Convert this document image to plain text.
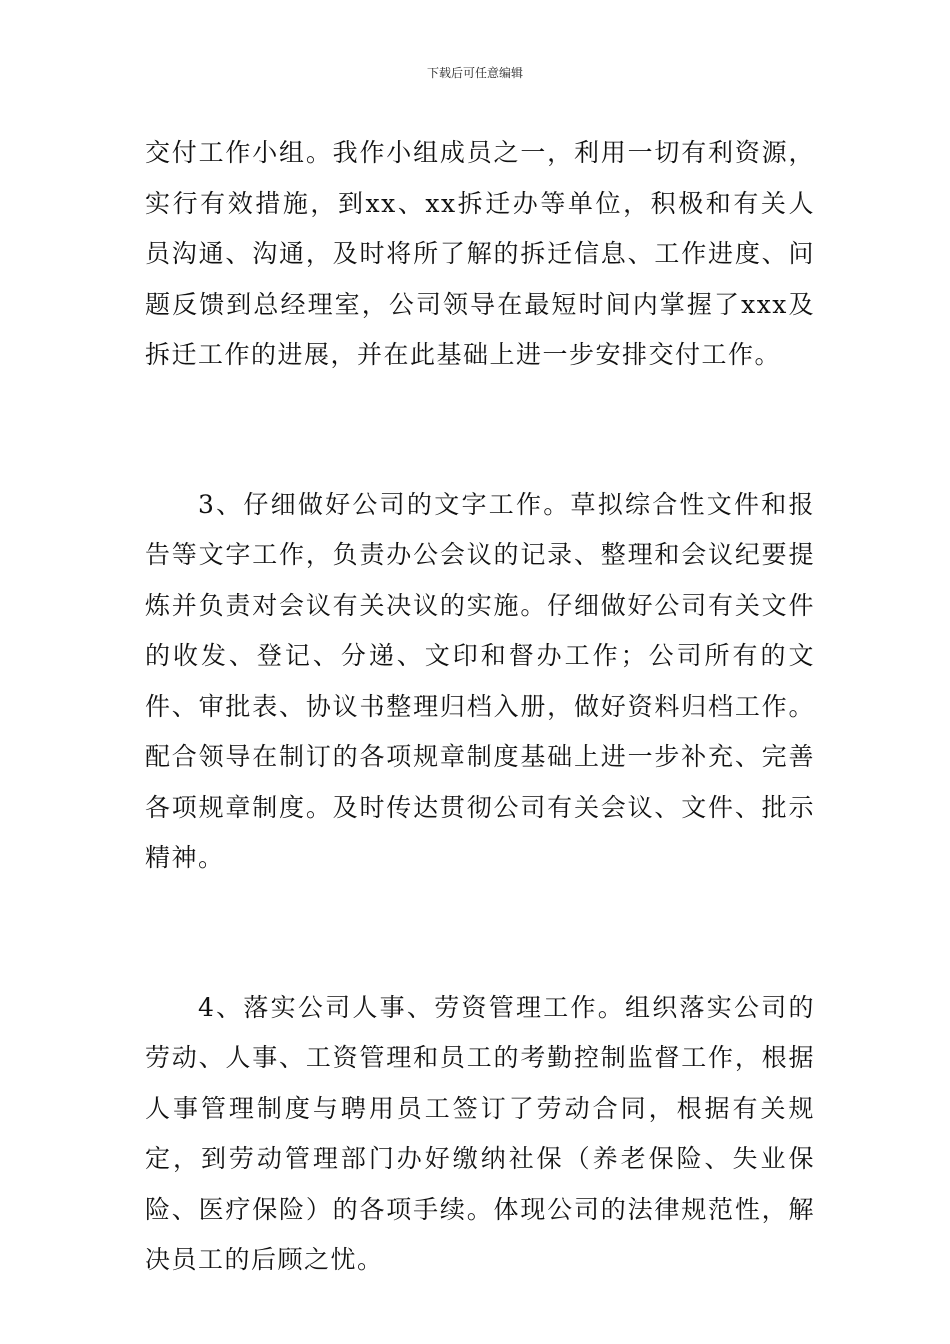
下载后可任意编辑

交付工作小组。我作小组成员之一，利用一切有利资源，实行有效措施，到xx、xx拆迁办等单位，积极和有关人员沟通、沟通，及时将所了解的拆迁信息、工作进度、问题反馈到总经理室，公司领导在最短时间内掌握了xxx及拆迁工作的进展，并在此基础上进一步安排交付工作。

3、仔细做好公司的文字工作。草拟综合性文件和报告等文字工作，负责办公会议的记录、整理和会议纪要提炼并负责对会议有关决议的实施。仔细做好公司有关文件的收发、登记、分递、文印和督办工作；公司所有的文件、审批表、协议书整理归档入册，做好资料归档工作。配合领导在制订的各项规章制度基础上进一步补充、完善各项规章制度。及时传达贯彻公司有关会议、文件、批示精神。

4、落实公司人事、劳资管理工作。组织落实公司的劳动、人事、工资管理和员工的考勤控制监督工作，根据人事管理制度与聘用员工签订了劳动合同，根据有关规定，到劳动管理部门办好缴纳社保（养老保险、失业保险、医疗保险）的各项手续。体现公司的法律规范性，解决员工的后顾之忧。
